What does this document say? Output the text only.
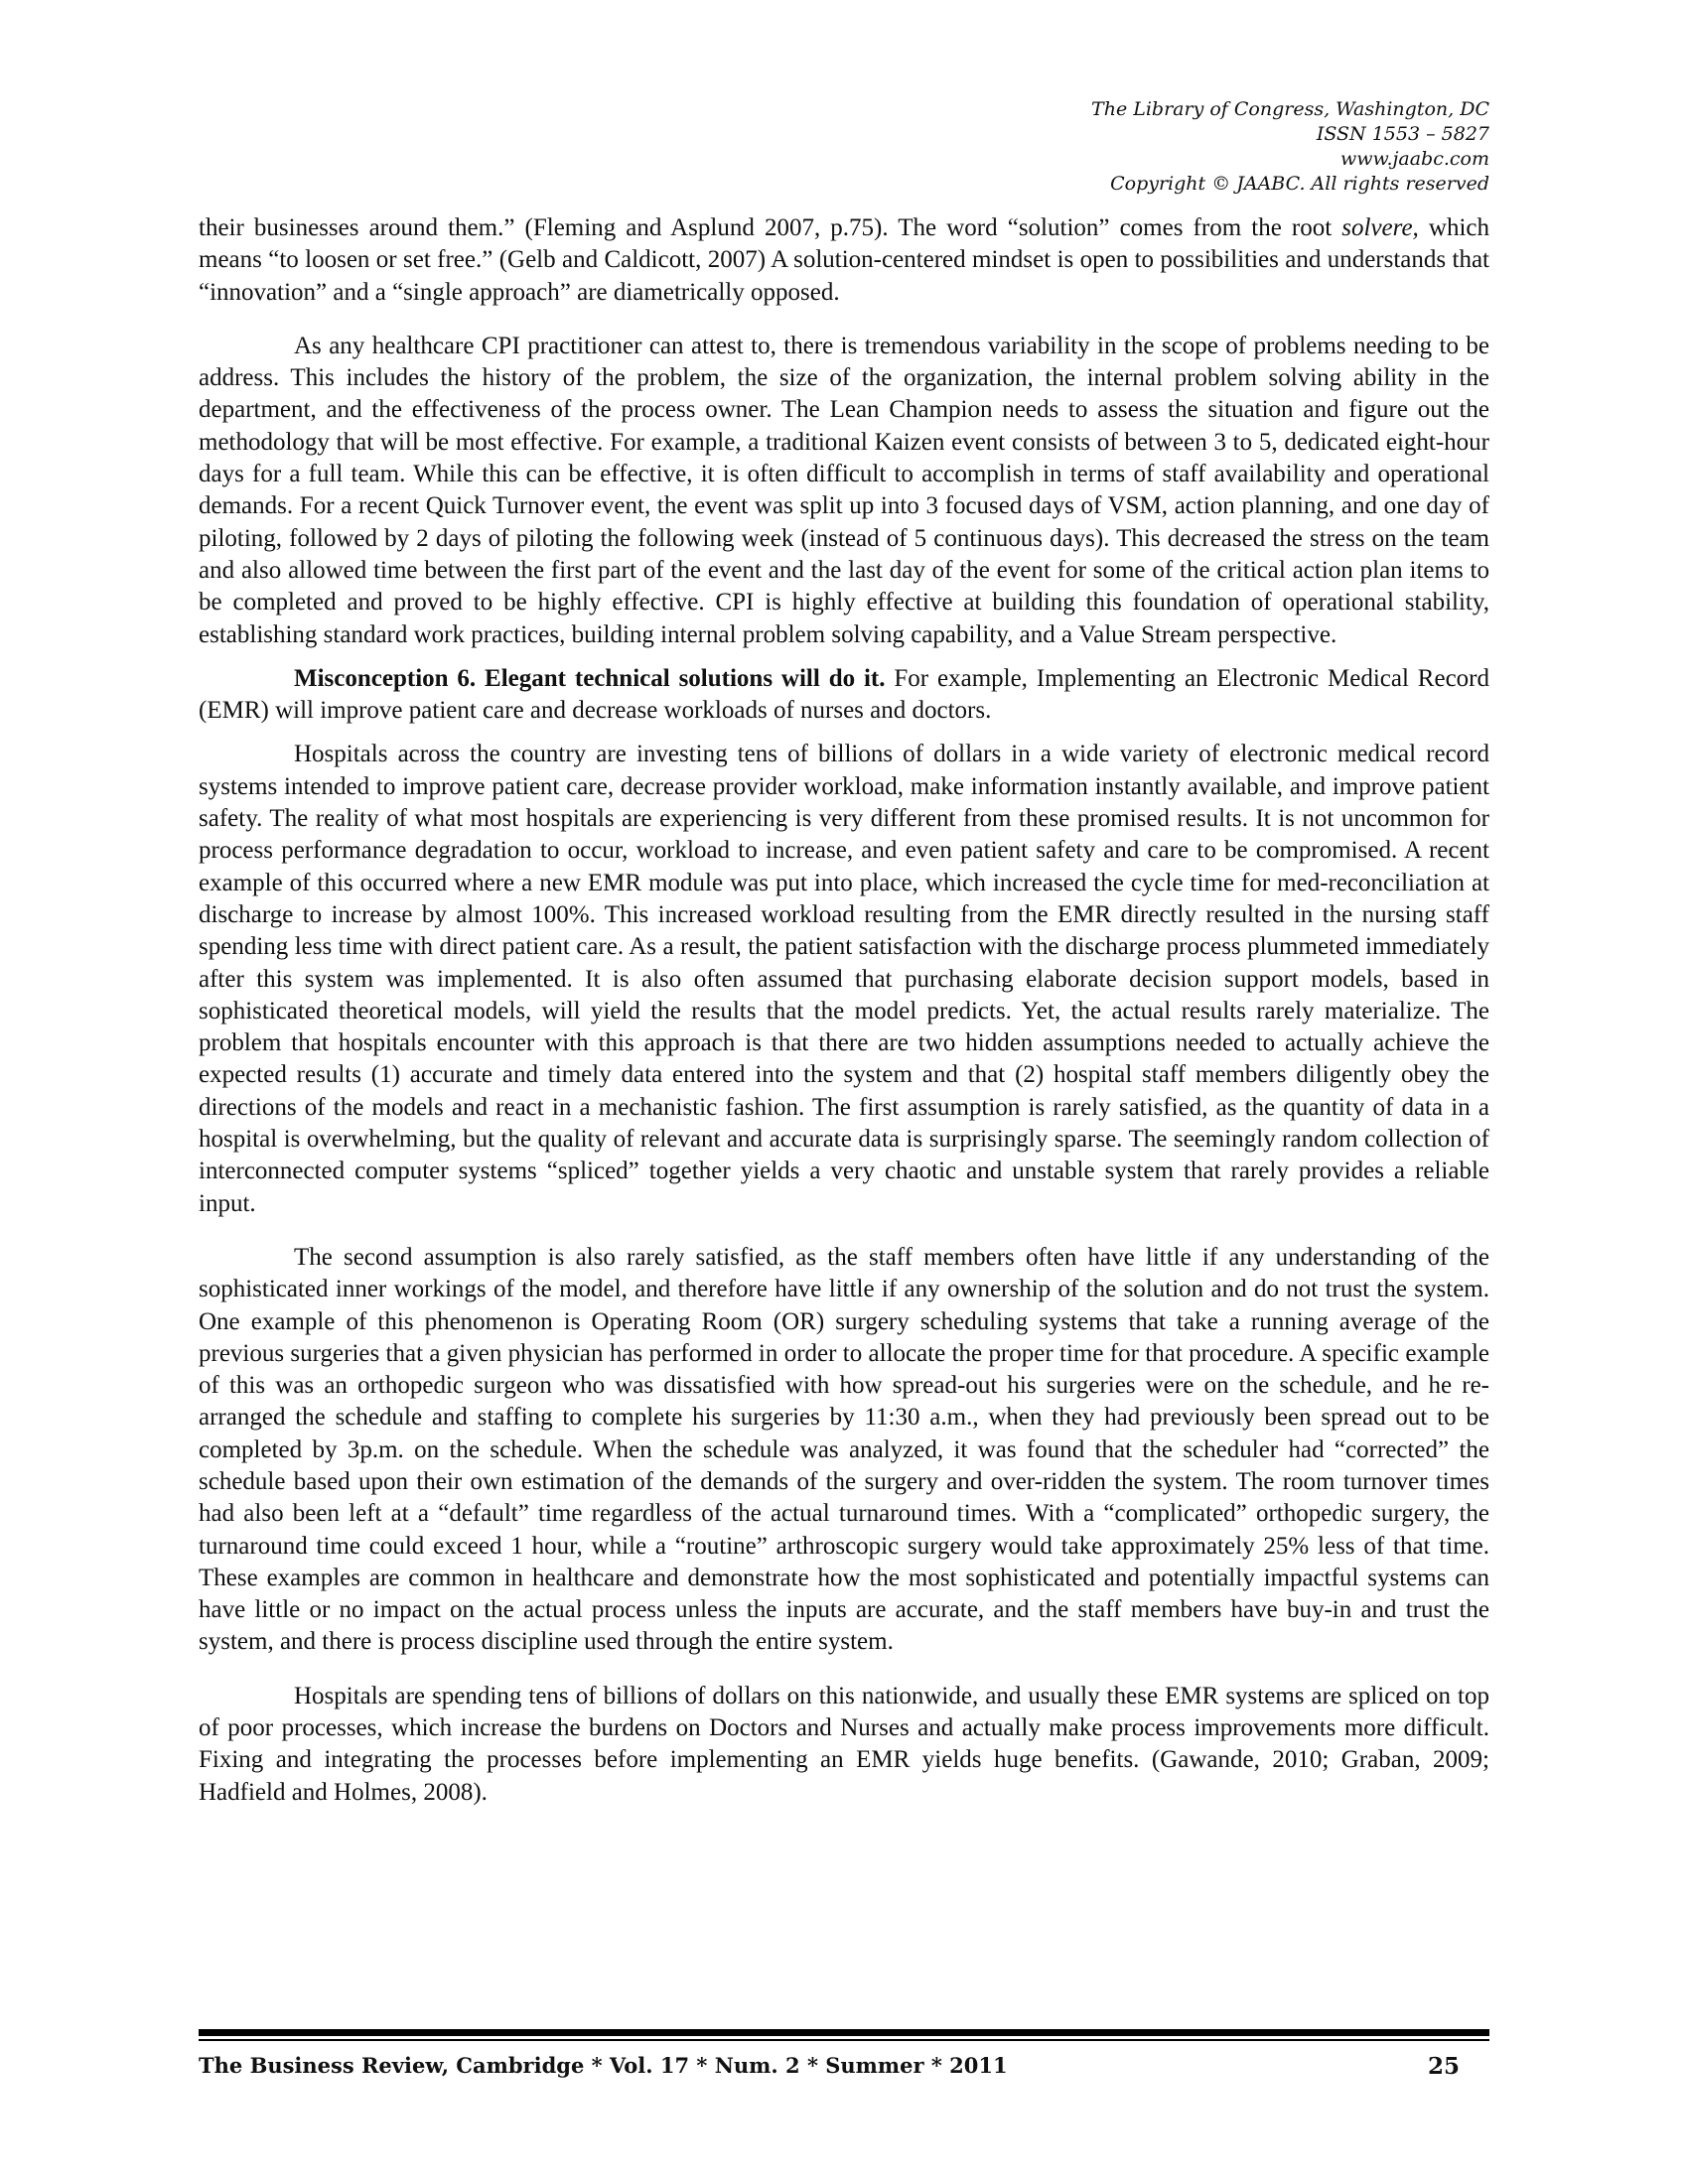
The Library of Congress, Washington, DC
ISSN 1553 – 5827
www.jaabc.com
Copyright © JAABC. All rights reserved

their businesses around them.” (Fleming and Asplund 2007, p.75). The word “solution” comes from the root solvere, which means “to loosen or set free.” (Gelb and Caldicott, 2007) A solution-centered mindset is open to possibilities and understands that “innovation” and a “single approach” are diametrically opposed.

As any healthcare CPI practitioner can attest to, there is tremendous variability in the scope of problems needing to be address. This includes the history of the problem, the size of the organization, the internal problem solving ability in the department, and the effectiveness of the process owner. The Lean Champion needs to assess the situation and figure out the methodology that will be most effective. For example, a traditional Kaizen event consists of between 3 to 5, dedicated eight-hour days for a full team. While this can be effective, it is often difficult to accomplish in terms of staff availability and operational demands. For a recent Quick Turnover event, the event was split up into 3 focused days of VSM, action planning, and one day of piloting, followed by 2 days of piloting the following week (instead of 5 continuous days). This decreased the stress on the team and also allowed time between the first part of the event and the last day of the event for some of the critical action plan items to be completed and proved to be highly effective. CPI is highly effective at building this foundation of operational stability, establishing standard work practices, building internal problem solving capability, and a Value Stream perspective.

Misconception 6. Elegant technical solutions will do it. For example, Implementing an Electronic Medical Record (EMR) will improve patient care and decrease workloads of nurses and doctors.

Hospitals across the country are investing tens of billions of dollars in a wide variety of electronic medical record systems intended to improve patient care, decrease provider workload, make information instantly available, and improve patient safety. The reality of what most hospitals are experiencing is very different from these promised results. It is not uncommon for process performance degradation to occur, workload to increase, and even patient safety and care to be compromised. A recent example of this occurred where a new EMR module was put into place, which increased the cycle time for med-reconciliation at discharge to increase by almost 100%. This increased workload resulting from the EMR directly resulted in the nursing staff spending less time with direct patient care. As a result, the patient satisfaction with the discharge process plummeted immediately after this system was implemented. It is also often assumed that purchasing elaborate decision support models, based in sophisticated theoretical models, will yield the results that the model predicts. Yet, the actual results rarely materialize. The problem that hospitals encounter with this approach is that there are two hidden assumptions needed to actually achieve the expected results (1) accurate and timely data entered into the system and that (2) hospital staff members diligently obey the directions of the models and react in a mechanistic fashion. The first assumption is rarely satisfied, as the quantity of data in a hospital is overwhelming, but the quality of relevant and accurate data is surprisingly sparse. The seemingly random collection of interconnected computer systems “spliced” together yields a very chaotic and unstable system that rarely provides a reliable input.

The second assumption is also rarely satisfied, as the staff members often have little if any understanding of the sophisticated inner workings of the model, and therefore have little if any ownership of the solution and do not trust the system. One example of this phenomenon is Operating Room (OR) surgery scheduling systems that take a running average of the previous surgeries that a given physician has performed in order to allocate the proper time for that procedure. A specific example of this was an orthopedic surgeon who was dissatisfied with how spread-out his surgeries were on the schedule, and he re-arranged the schedule and staffing to complete his surgeries by 11:30 a.m., when they had previously been spread out to be completed by 3p.m. on the schedule. When the schedule was analyzed, it was found that the scheduler had “corrected” the schedule based upon their own estimation of the demands of the surgery and over-ridden the system. The room turnover times had also been left at a “default” time regardless of the actual turnaround times. With a “complicated” orthopedic surgery, the turnaround time could exceed 1 hour, while a “routine” arthroscopic surgery would take approximately 25% less of that time. These examples are common in healthcare and demonstrate how the most sophisticated and potentially impactful systems can have little or no impact on the actual process unless the inputs are accurate, and the staff members have buy-in and trust the system, and there is process discipline used through the entire system.

Hospitals are spending tens of billions of dollars on this nationwide, and usually these EMR systems are spliced on top of poor processes, which increase the burdens on Doctors and Nurses and actually make process improvements more difficult. Fixing and integrating the processes before implementing an EMR yields huge benefits. (Gawande, 2010; Graban, 2009; Hadfield and Holmes, 2008).

The Business Review, Cambridge * Vol. 17 * Num. 2 * Summer * 2011	25
